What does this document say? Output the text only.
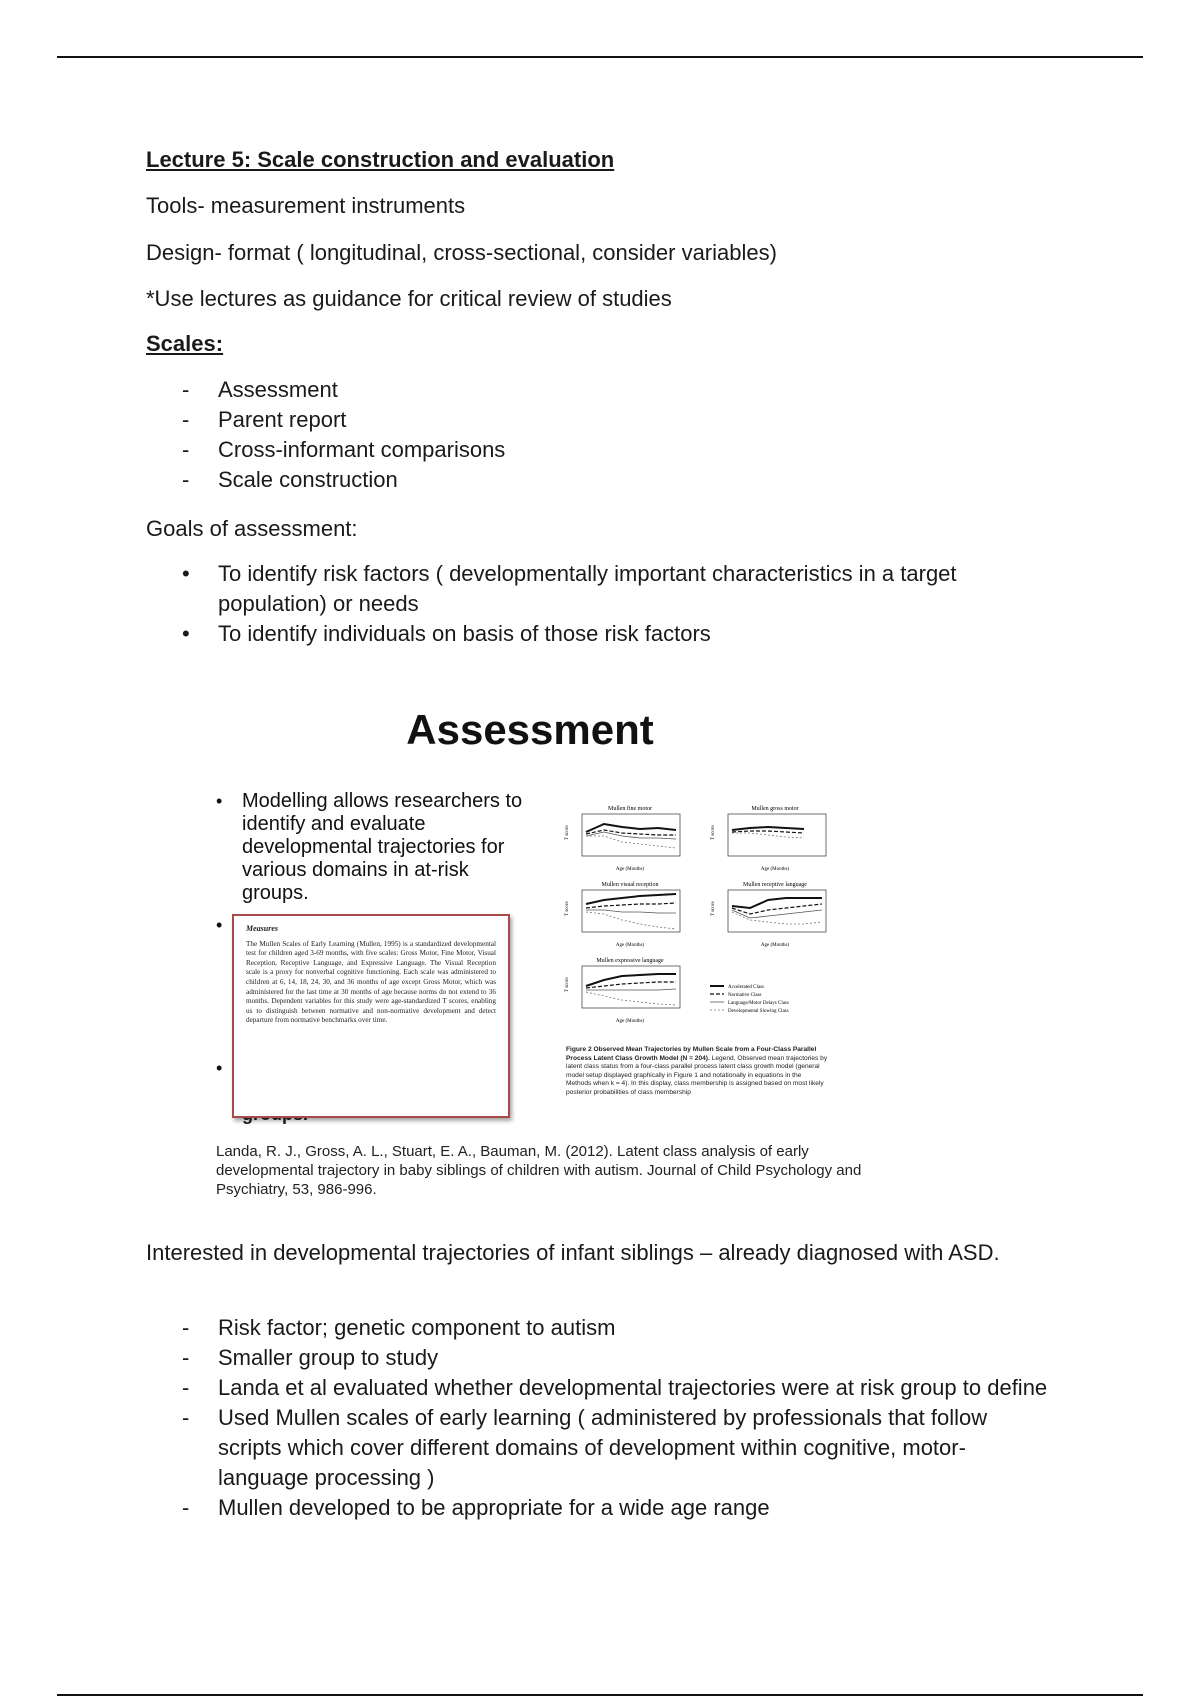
Lecture 5: Scale construction and evaluation
Tools- measurement instruments
Design- format ( longitudinal, cross-sectional, consider variables)
*Use lectures as guidance for critical review of studies
Scales:
- Assessment
- Parent report
- Cross-informant comparisons
- Scale construction
Goals of assessment:
• To identify risk factors ( developmentally important characteristics in a target population) or needs
• To identify individuals on basis of those risk factors
Assessment
• Modelling allows researchers to identify and evaluate developmental trajectories for various domains in at-risk groups.
•
•
Measures
The Mullen Scales of Early Learning (Mullen, 1995) is a standardized developmental test for children aged 3-69 months, with five scales: Gross Motor, Fine Motor, Visual Reception, Receptive Language, and Expressive Language. The Visual Reception scale is a proxy for nonverbal cognitive functioning. Each scale was administered to children at 6, 14, 18, 24, 30, and 36 months of age except Gross Motor, which was administered for the last time at 30 months of age because norms do not extend to 36 months. Dependent variables for this study were age-standardized T scores, enabling us to distinguish between normative and non-normative development and detect departure from normative benchmarks over time.
Mullen fine motor
T score
Age (Months)
Mullen gross motor
T score
Age (Months)
Mullen visual reception
T score
Age (Months)
Mullen receptive language
T score
Age (Months)
Mullen expressive language
T score
Age (Months)
Accelerated Class
Normative Class
Language/Motor Delays Class
Developmental Slowing Class
Figure 2 Observed Mean Trajectories by Mullen Scale from a Four-Class Parallel Process Latent Class Growth Model (N = 204). Legend. Observed mean trajectories by latent class status from a four-class parallel process latent class growth model (general model setup displayed graphically in Figure 1 and notationally in equations in the Methods when k = 4). In this display, class membership is assigned based on most likely posterior probabilities of class membership
Landa, R. J., Gross, A. L., Stuart, E. A., Bauman, M. (2012). Latent class analysis of early developmental trajectory in baby siblings of children with autism. Journal of Child Psychology and Psychiatry, 53, 986-996.
Interested in developmental trajectories of infant siblings – already diagnosed with ASD.
- Risk factor; genetic component to autism
- Smaller group to study
- Landa et al evaluated whether developmental trajectories were at risk group to define
- Used Mullen scales of early learning ( administered by professionals that follow scripts which cover different domains of development within cognitive, motor-language processing )
- Mullen developed to be appropriate for a wide age range
